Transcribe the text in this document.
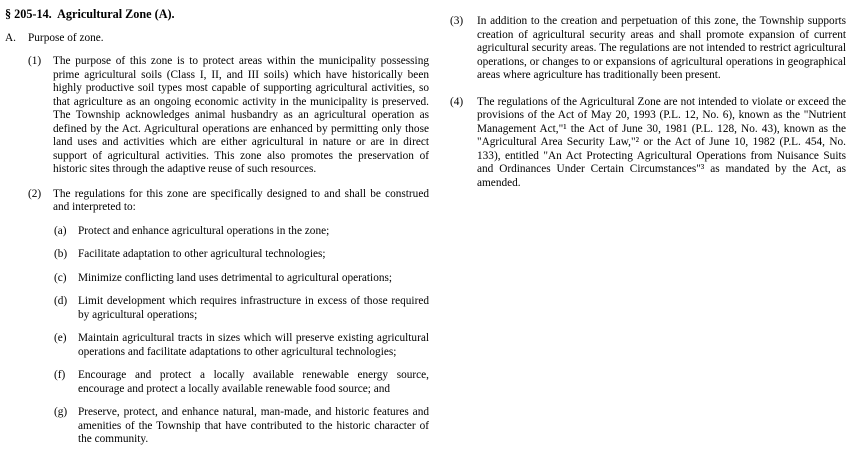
§ 205-14.  Agricultural Zone (A).
A.	Purpose of zone.
(1)	The purpose of this zone is to protect areas within the municipality possessing prime agricultural soils (Class I, II, and III soils) which have historically been highly productive soil types most capable of supporting agricultural activities, so that agriculture as an ongoing economic activity in the municipality is preserved. The Township acknowledges animal husbandry as an agricultural operation as defined by the Act. Agricultural operations are enhanced by permitting only those land uses and activities which are either agricultural in nature or are in direct support of agricultural activities. This zone also promotes the preservation of historic sites through the adaptive reuse of such resources.
(2)	The regulations for this zone are specifically designed to and shall be construed and interpreted to:
(a)	Protect and enhance agricultural operations in the zone;
(b) Facilitate adaptation to other agricultural technologies;
(c)	Minimize conflicting land uses detrimental to agricultural operations;
(d) Limit development which requires infrastructure in excess of those required by agricultural operations;
(e)	Maintain agricultural tracts in sizes which will preserve existing agricultural operations and facilitate adaptations to other agricultural technologies;
(f)	Encourage and protect a locally available renewable energy source, encourage and protect a locally available renewable food source; and
(g) Preserve, protect, and enhance natural, man-made, and historic features and amenities of the Township that have contributed to the historic character of the community.
(3)	In addition to the creation and perpetuation of this zone, the Township supports creation of agricultural security areas and shall promote expansion of current agricultural security areas. The regulations are not intended to restrict agricultural operations, or changes to or expansions of agricultural operations in geographical areas where agriculture has traditionally been present.
(4)	The regulations of the Agricultural Zone are not intended to violate or exceed the provisions of the Act of May 20, 1993 (P.L. 12, No. 6), known as the "Nutrient Management Act,"¹ the Act of June 30, 1981 (P.L. 128, No. 43), known as the "Agricultural Area Security Law,"² or the Act of June 10, 1982 (P.L. 454, No. 133), entitled "An Act Protecting Agricultural Operations from Nuisance Suits and Ordinances Under Certain Circumstances"³ as mandated by the Act, as amended.
